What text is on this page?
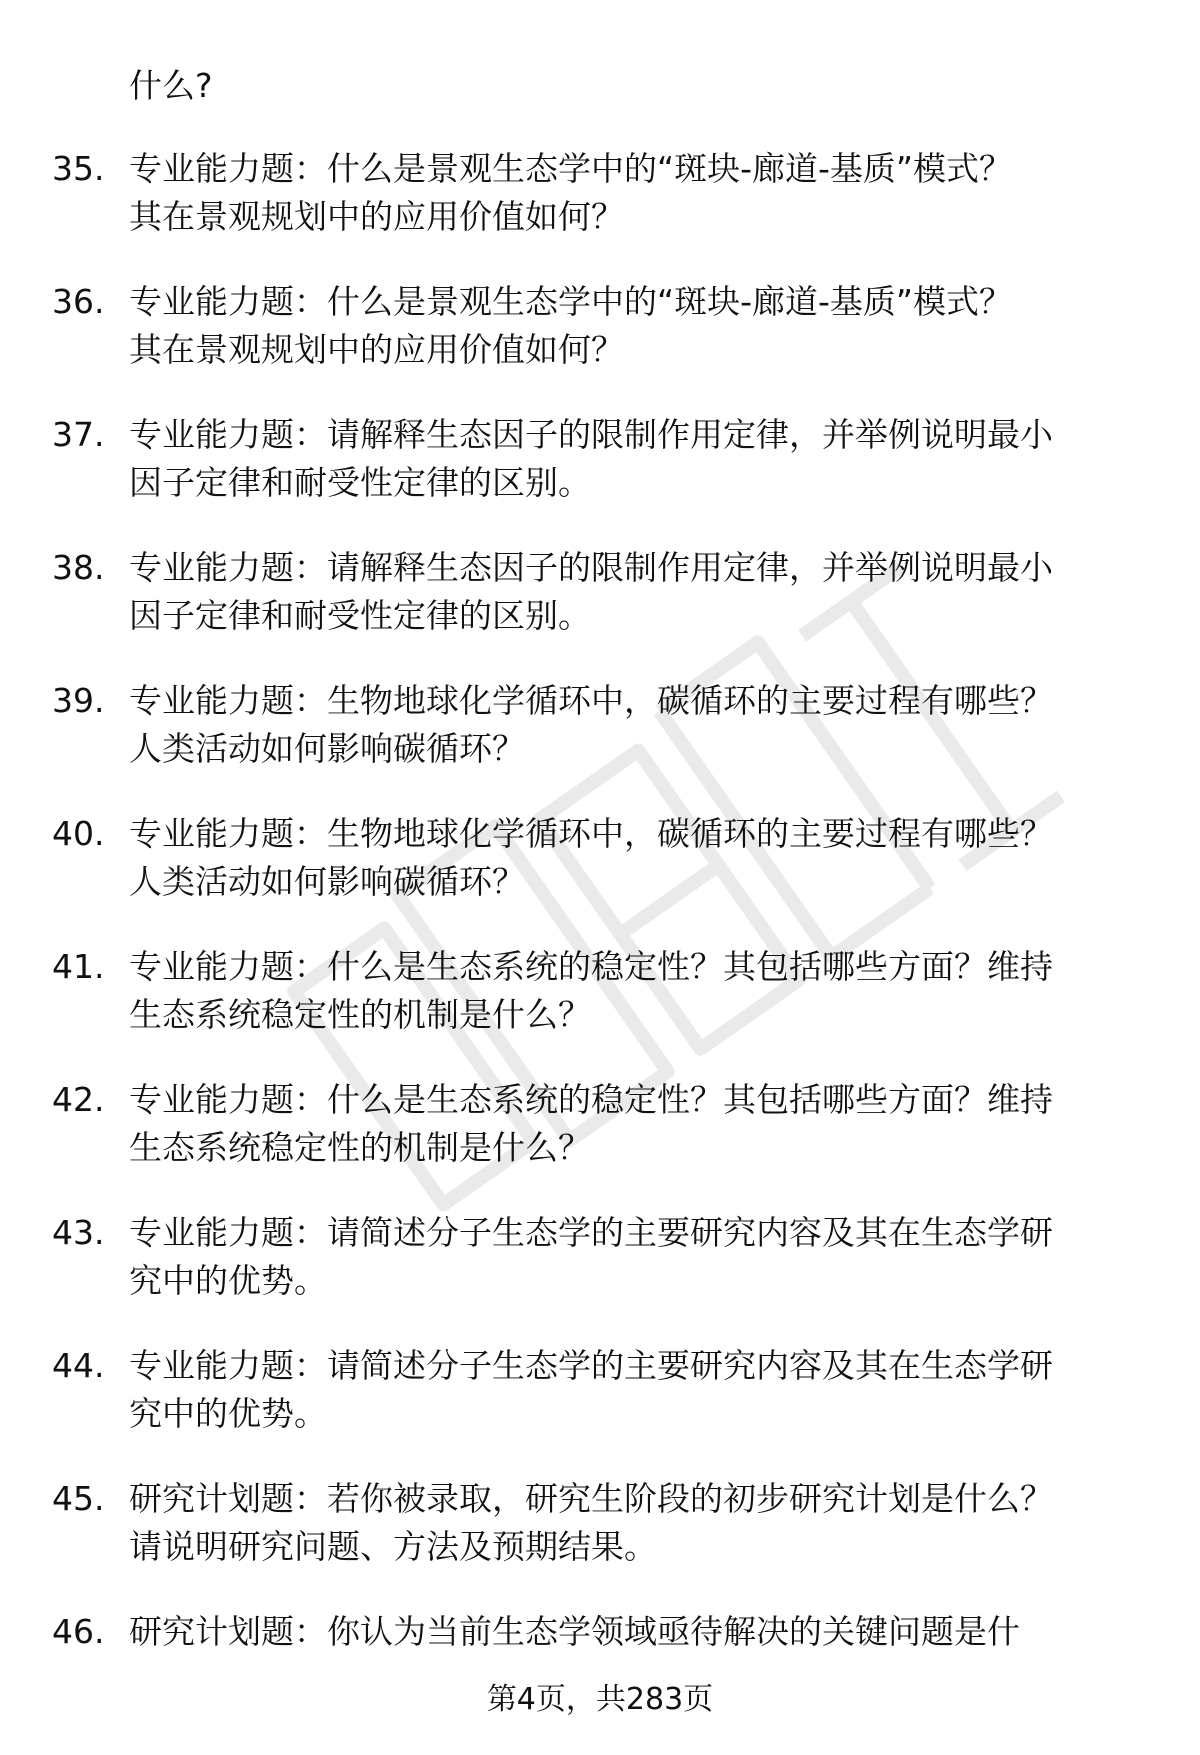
什么?
35. 专业能力题：什么是景观生态学中的“斑块-廊道-基质”模式？
其在景观规划中的应用价值如何？
36. 专业能力题：什么是景观生态学中的“斑块-廊道-基质”模式？
其在景观规划中的应用价值如何？
37. 专业能力题：请解释生态因子的限制作用定律，并举例说明最小
因子定律和耐受性定律的区别。
38. 专业能力题：请解释生态因子的限制作用定律，并举例说明最小
因子定律和耐受性定律的区别。
39. 专业能力题：生物地球化学循环中，碳循环的主要过程有哪些？
人类活动如何影响碳循环？
40. 专业能力题：生物地球化学循环中，碳循环的主要过程有哪些？
人类活动如何影响碳循环？
41. 专业能力题：什么是生态系统的稳定性？其包括哪些方面？维持
生态系统稳定性的机制是什么？
42. 专业能力题：什么是生态系统的稳定性？其包括哪些方面？维持
生态系统稳定性的机制是什么？
43. 专业能力题：请简述分子生态学的主要研究内容及其在生态学研
究中的优势。
44. 专业能力题：请简述分子生态学的主要研究内容及其在生态学研
究中的优势。
45. 研究计划题：若你被录取，研究生阶段的初步研究计划是什么？
请说明研究问题、方法及预期结果。
46. 研究计划题：你认为当前生态学领域亟待解决的关键问题是什
第4页，共283页
